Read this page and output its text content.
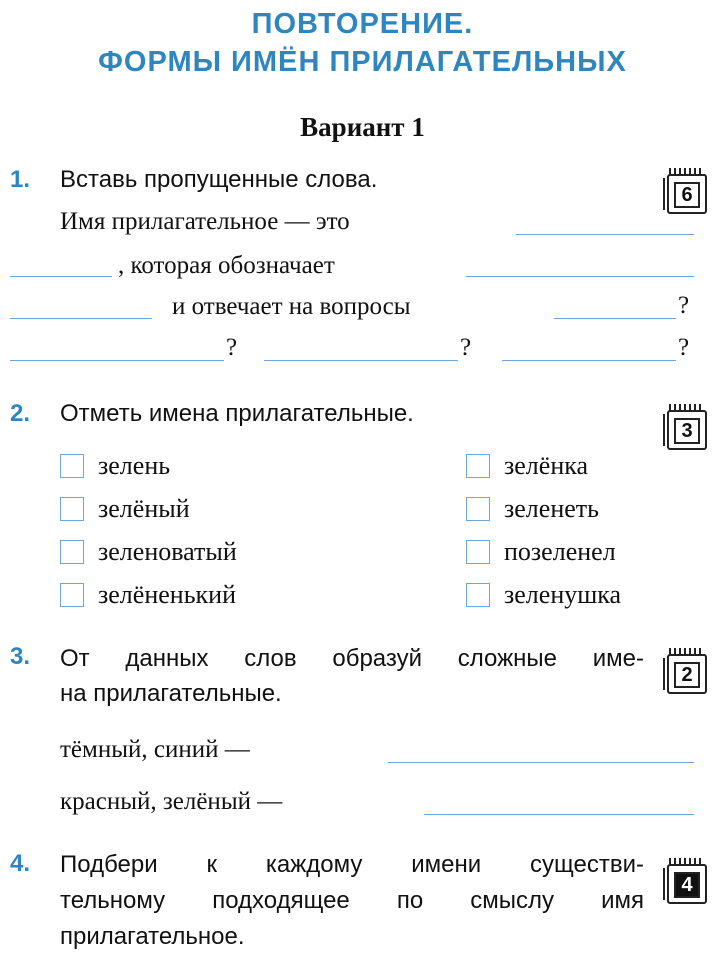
ПОВТОРЕНИЕ.
ФОРМЫ ИМЁН ПРИЛАГАТЕЛЬНЫХ
Вариант 1
1. Вставь пропущенные слова.
6
Имя прилагательное — это
, которая обозначает
и отвечает на вопросы	?
?	?	?
2. Отметь имена прилагательные.
3
зелень
зелёный
зеленоватый
зелёненький
зелёнка
зеленеть
позеленел
зеленушка
3. От данных слов образуй сложные име-
на прилагательные.
2
тёмный, синий —
красный, зелёный —
4. Подбери к каждому имени существи-
тельному подходящее по смыслу имя
прилагательное.
4
